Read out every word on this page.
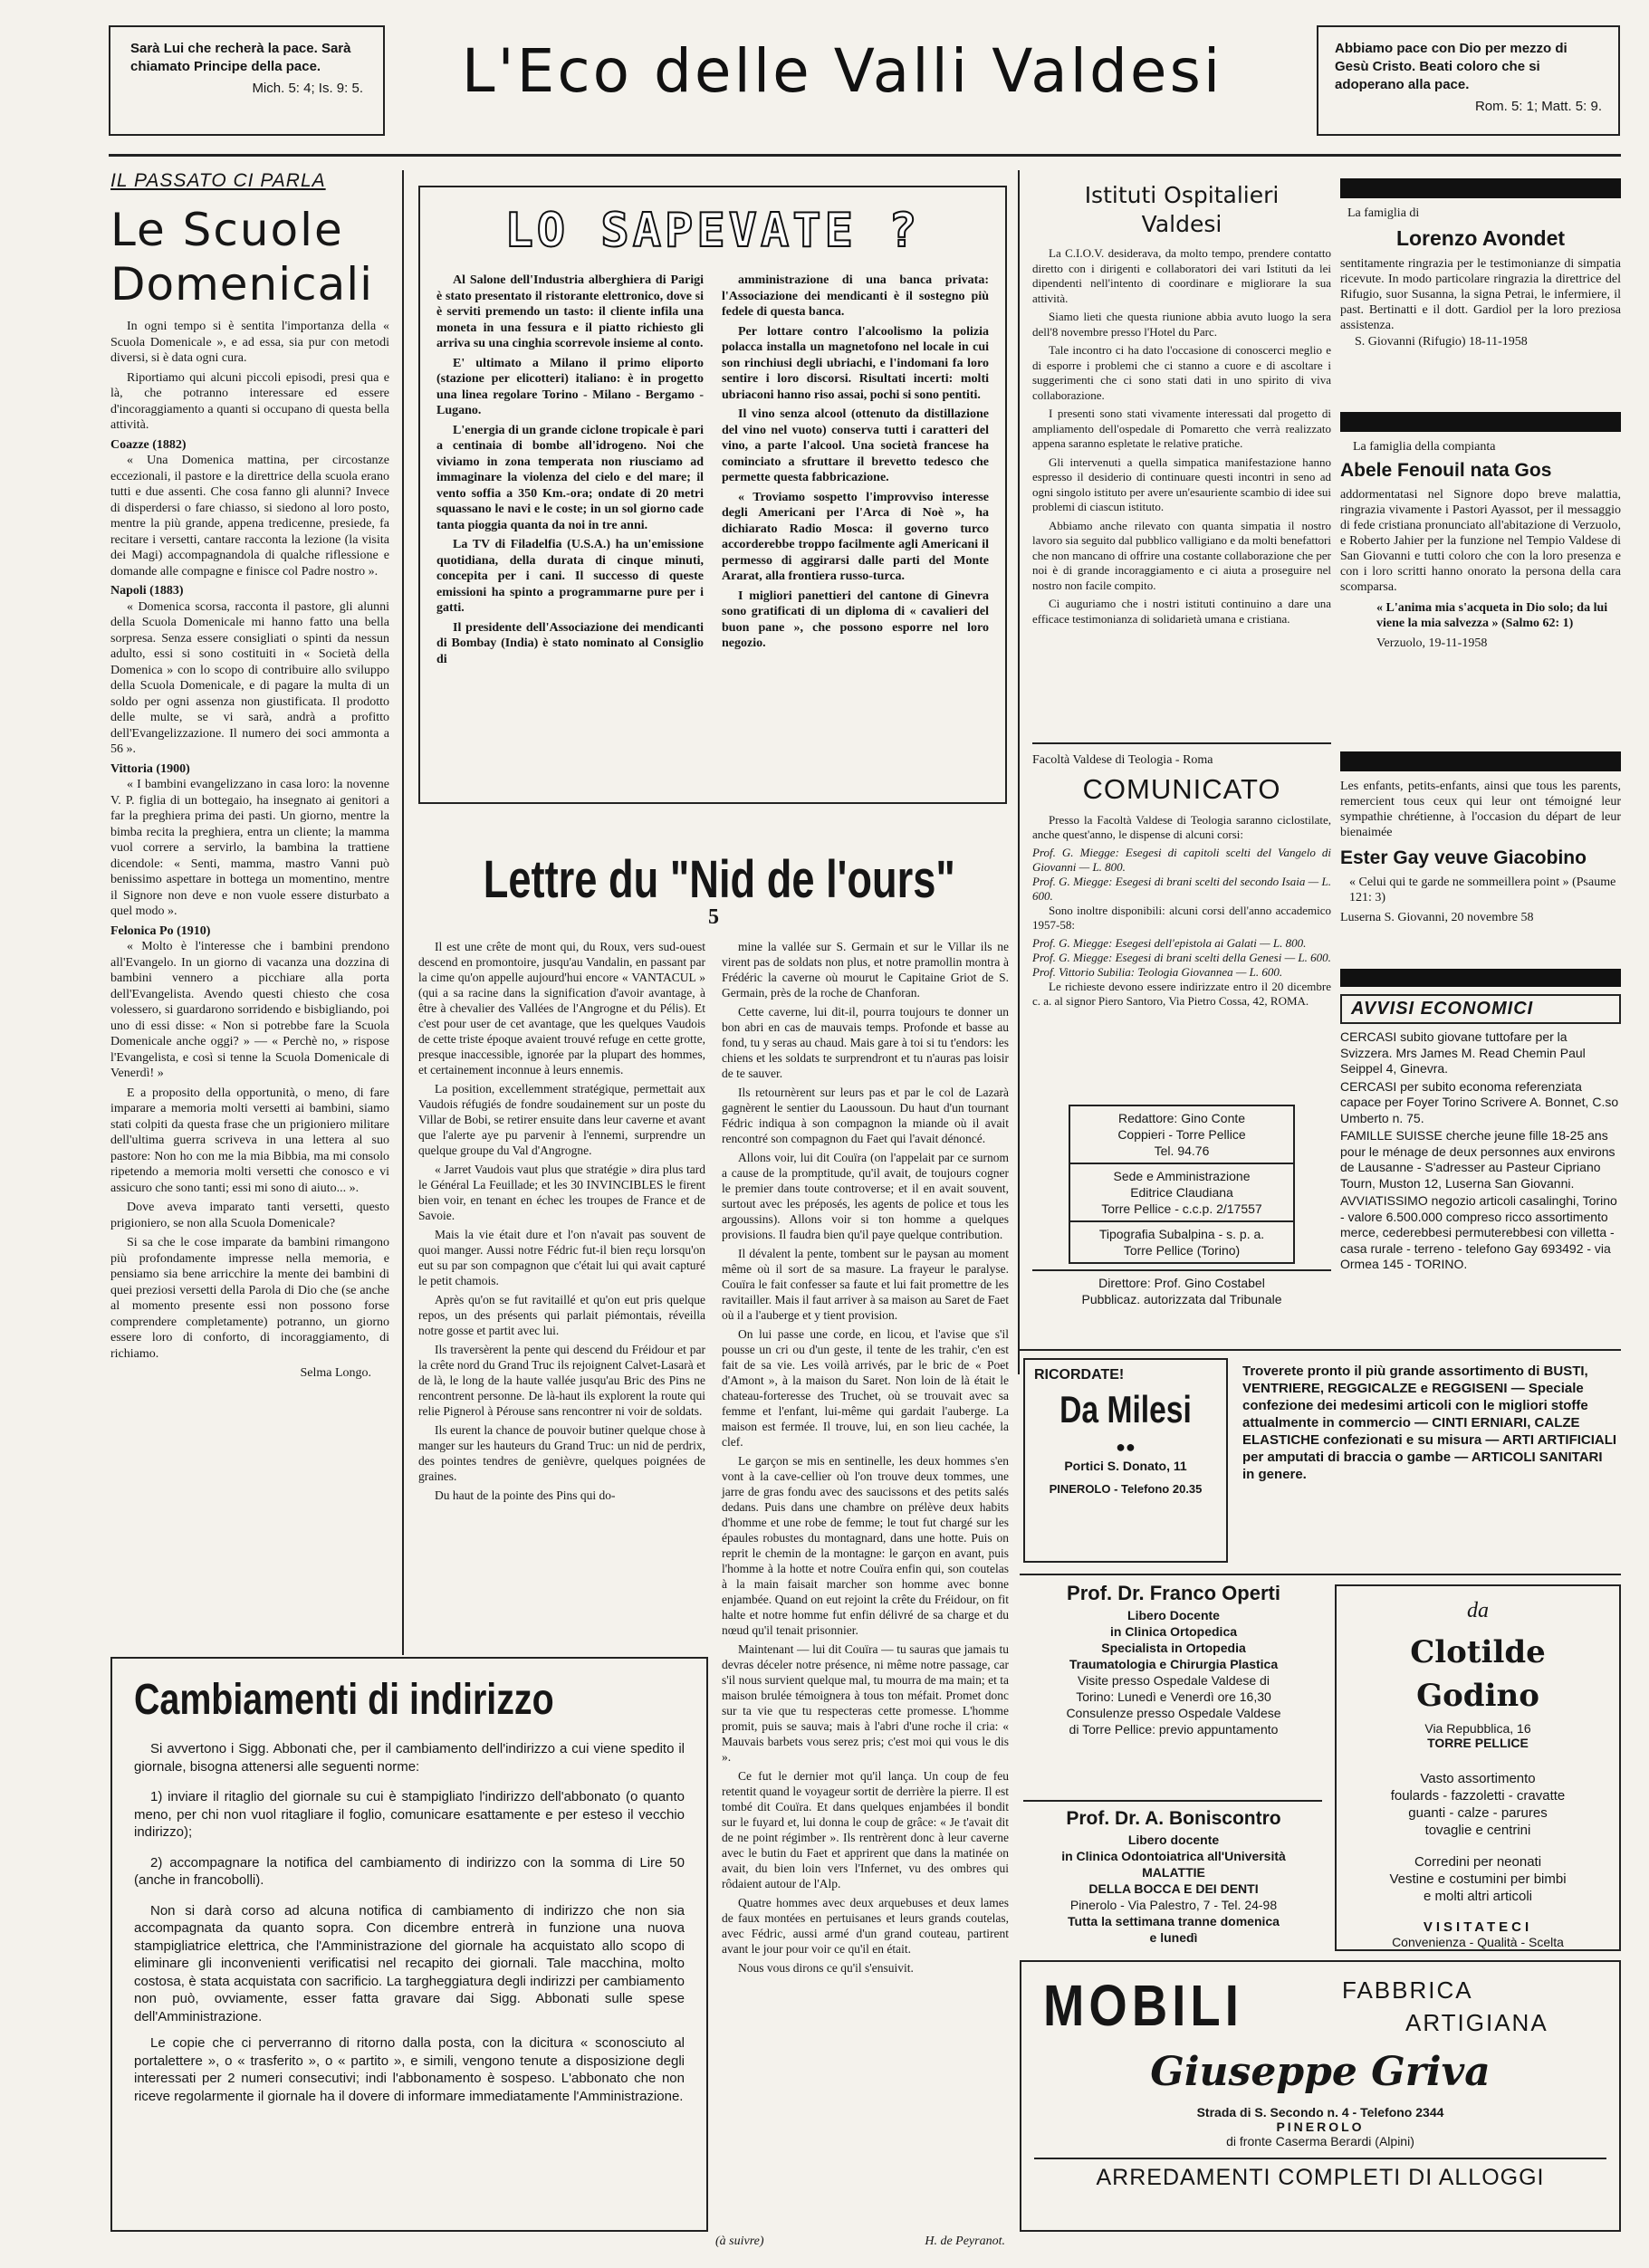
Sarà Lui che recherà la pace. Sarà chiamato Principe della pace.
Mich. 5: 4; Is. 9: 5.	L'Eco delle Valli Valdesi	Abbiamo pace con Dio per mezzo di Gesù Cristo. Beati coloro che si adoperano alla pace.
Rom. 5: 1; Matt. 5: 9.
IL PASSATO CI PARLA
Le Scuole
Domenicali

In ogni tempo si è sentita l'importanza della « Scuola Domenicale », e ad essa, sia pur con metodi diversi, si è data ogni cura.

Riportiamo qui alcuni piccoli episodi, presi qua e là, che potranno interessare ed essere d'incoraggiamento a quanti si occupano di questa bella attività.

Coazze (1882)

« Una Domenica mattina, per circostanze eccezionali, il pastore e la direttrice della scuola erano tutti e due assenti. Che cosa fanno gli alunni? Invece di disperdersi o fare chiasso, si siedono al loro posto, mentre la più grande, appena tredicenne, presiede, fa recitare i versetti, cantare racconta la lezione (la visita dei Magi) accompagnandola di qualche riflessione e domande alle compagne e finisce col Padre nostro ».

Napoli (1883)

« Domenica scorsa, racconta il pastore, gli alunni della Scuola Domenicale mi hanno fatto una bella sorpresa. Senza essere consigliati o spinti da nessun adulto, essi si sono costituiti in « Società della Domenica » con lo scopo di contribuire allo sviluppo della Scuola Domenicale, e di pagare la multa di un soldo per ogni assenza non giustificata. Il prodotto delle multe, se vi sarà, andrà a profitto dell'Evangelizzazione. Il numero dei soci ammonta a 56 ».

Vittoria (1900)

« I bambini evangelizzano in casa loro: la novenne V. P. figlia di un bottegaio, ha insegnato ai genitori a far la preghiera prima dei pasti. Un giorno, mentre la bimba recita la preghiera, entra un cliente; la mamma vuol correre a servirlo, la bambina la trattiene dicendole: « Senti, mamma, mastro Vanni può benissimo aspettare in bottega un momentino, mentre il Signore non deve e non vuole essere disturbato a quel modo ».

Felonica Po (1910)

« Molto è l'interesse che i bambini prendono all'Evangelo. In un giorno di vacanza una dozzina di bambini vennero a picchiare alla porta dell'Evangelista. Avendo questi chiesto che cosa volessero, si guardarono sorridendo e bisbigliando, poi uno di essi disse: « Non si potrebbe fare la Scuola Domenicale anche oggi? » — « Perchè no, » rispose l'Evangelista, e così si tenne la Scuola Domenicale di Venerdì! »

E a proposito della opportunità, o meno, di fare imparare a memoria molti versetti ai bambini, siamo stati colpiti da questa frase che un prigioniero militare dell'ultima guerra scriveva in una lettera al suo pastore: Non ho con me la mia Bibbia, ma mi consolo ripetendo a memoria molti versetti che conosco e vi assicuro che sono tanti; essi mi sono di aiuto... ».

Dove aveva imparato tanti versetti, questo prigioniero, se non alla Scuola Domenicale?

Si sa che le cose imparate da bambini rimangono più profondamente impresse nella memoria, e pensiamo sia bene arricchire la mente dei bambini di quei preziosi versetti della Parola di Dio che (se anche al momento presente essi non possono forse comprendere completamente) potranno, un giorno essere loro di conforto, di incoraggiamento, di richiamo.

Selma Longo.

LO SAPEVATE ?

Al Salone dell'Industria alberghiera di Parigi è stato presentato il ristorante elettronico, dove si è serviti premendo un tasto: il cliente infila una moneta in una fessura e il piatto richiesto gli arriva su una cinghia scorrevole insieme al conto.

E' ultimato a Milano il primo eliporto (stazione per elicotteri) italiano: è in progetto una linea regolare Torino - Milano - Bergamo - Lugano.

L'energia di un grande ciclone tropicale è pari a centinaia di bombe all'idrogeno. Noi che viviamo in zona temperata non riusciamo ad immaginare la violenza del cielo e del mare; il vento soffia a 350 Km.-ora; ondate di 20 metri squassano le navi e le coste; in un sol giorno cade tanta pioggia quanta da noi in tre anni.

La TV di Filadelfia (U.S.A.) ha un'emissione quotidiana, della durata di cinque minuti, concepita per i cani. Il successo di queste emissioni ha spinto a programmarne pure per i gatti.

Il presidente dell'Associazione dei mendicanti di Bombay (India) è stato nominato al Consiglio di

amministrazione di una banca privata: l'Associazione dei mendicanti è il sostegno più fedele di questa banca.

Per lottare contro l'alcoolismo la polizia polacca installa un magnetofono nel locale in cui son rinchiusi degli ubriachi, e l'indomani fa loro sentire i loro discorsi. Risultati incerti: molti ubriaconi hanno riso assai, pochi si sono pentiti.

Il vino senza alcool (ottenuto da distillazione del vino nel vuoto) conserva tutti i caratteri del vino, a parte l'alcool. Una società francese ha cominciato a sfruttare il brevetto tedesco che permette questa fabbricazione.

« Troviamo sospetto l'improvviso interesse degli Americani per l'Arca di Noè », ha dichiarato Radio Mosca: il governo turco accorderebbe troppo facilmente agli Americani il permesso di aggirarsi dalle parti del Monte Ararat, alla frontiera russo-turca.

I migliori panettieri del cantone di Ginevra sono gratificati di un diploma di « cavalieri del buon pane », che possono esporre nel loro negozio.

Lettre du "Nid de l'ours"
5

Il est une crête de mont qui, du Roux, vers sud-ouest descend en promontoire, jusqu'au Vandalin, en passant par la cime qu'on appelle aujourd'hui encore « VANTACUL » (qui a sa racine dans la signification d'avoir avantage, à être à chevalier des Vallées de l'Angrogne et du Pélis). Et c'est pour user de cet avantage, que les quelques Vaudois de cette triste époque avaient trouvé refuge en cette grotte, presque inaccessible, ignorée par la plupart des hommes, et certainement inconnue à leurs ennemis.

La position, excellemment stratégique, permettait aux Vaudois réfugiés de fondre soudainement sur un poste du Villar de Bobi, se retirer ensuite dans leur caverne et avant que l'alerte aye pu parvenir à l'ennemi, surprendre un quelque groupe du Val d'Angrogne.

« Jarret Vaudois vaut plus que stratégie » dira plus tard le Général La Feuillade; et les 30 INVINCIBLES le firent bien voir, en tenant en échec les troupes de France et de Savoie.

Mais la vie était dure et l'on n'avait pas souvent de quoi manger. Aussi notre Fédric fut-il bien reçu lorsqu'on eut su par son compagnon que c'était lui qui avait capturé le petit chamois.

Après qu'on se fut ravitaillé et qu'on eut pris quelque repos, un des présents qui parlait piémontais, réveilla notre gosse et partit avec lui.

Ils traversèrent la pente qui descend du Fréidour et par la crête nord du Grand Truc ils rejoignent Calvet-Lasarà et de là, le long de la haute vallée jusqu'au Bric des Pins ne rencontrent personne. De là-haut ils explorent la route qui relie Pignerol à Pérouse sans rencontrer ni voir de soldats.

Ils eurent la chance de pouvoir butiner quelque chose à manger sur les hauteurs du Grand Truc: un nid de perdrix, des pointes tendres de genièvre, quelques poignées de graines.

Du haut de la pointe des Pins qui do-

mine la vallée sur S. Germain et sur le Villar ils ne virent pas de soldats non plus, et notre pramollin montra à Frédéric la caverne où mourut le Capitaine Griot de S. Germain, près de la roche de Chanforan.

Cette caverne, lui dit-il, pourra toujours te donner un bon abri en cas de mauvais temps. Profonde et basse au fond, tu y seras au chaud. Mais gare à toi si tu t'endors: les chiens et les soldats te surprendront et tu n'auras pas loisir de te sauver.

Ils retournèrent sur leurs pas et par le col de Lazarà gagnèrent le sentier du Laoussoun. Du haut d'un tournant Fédric indiqua à son compagnon la miande où il avait rencontré son compagnon du Faet qui l'avait dénoncé.

Allons voir, lui dit Couïra (on l'appelait par ce surnom a cause de la promptitude, qu'il avait, de toujours cogner le premier dans toute controverse; et il en avait souvent, surtout avec les préposés, les agents de police et tous les argoussins). Allons voir si ton homme a quelques provisions. Il faudra bien qu'il paye quelque contribution.

Il dévalent la pente, tombent sur le paysan au moment même où il sort de sa masure. La frayeur le paralyse. Couïra le fait confesser sa faute et lui fait promettre de les ravitailler. Mais il faut arriver à sa maison au Saret de Faet où il a l'auberge et y tient provision.

On lui passe une corde, en licou, et l'avise que s'il pousse un cri ou d'un geste, il tente de les trahir, c'en est fait de sa vie. Les voilà arrivés, par le bric de « Poet d'Amont », à la maison du Saret. Non loin de là était le chateau-forteresse des Truchet, où se trouvait avec sa femme et l'enfant, lui-même qui gardait l'auberge. La maison est fermée. Il trouve, lui, en son lieu cachée, la clef.

Le garçon se mis en sentinelle, les deux hommes s'en vont à la cave-cellier où l'on trouve deux tommes, une jarre de gras fondu avec des saucissons et des petits salés dedans. Puis dans une chambre on prélève deux habits d'homme et une robe de femme; le tout fut chargé sur les épaules robustes du montagnard, dans une hotte. Puis on reprit le chemin de la montagne: le garçon en avant, puis l'homme à la hotte et notre Couïra enfin qui, son coutelas à la main faisait marcher son homme avec bonne enjambée. Quand on eut rejoint la crête du Fréidour, on fit halte et notre homme fut enfin délivré de sa charge et du nœud qu'il tenait prisonnier.

Maintenant — lui dit Couïra — tu sauras que jamais tu devras déceler notre présence, ni même notre passage, car s'il nous survient quelque mal, tu mourra de ma main; et ta maison brulée témoignera à tous ton méfait. Promet donc sur ta vie que tu respecteras cette promesse. L'homme promit, puis se sauva; mais à l'abri d'une roche il cria: « Mauvais barbets vous serez pris; c'est moi qui vous le dis ».

Ce fut le dernier mot qu'il lança. Un coup de feu retentit quand le voyageur sortit de derrière la pierre. Il est tombé dit Couïra. Et dans quelques enjambées il bondit sur le fuyard et, lui donna le coup de grâce: « Je t'avait dit de ne point régimber ». Ils rentrèrent donc à leur caverne avec le butin du Faet et apprirent que dans la matinée on avait, du bien loin vers l'Infernet, vu des ombres qui rôdaient autour de l'Alp.

Quatre hommes avec deux arquebuses et deux lames de faux montées en pertuisanes et leurs grands coutelas, avec Fédric, aussi armé d'un grand couteau, partirent avant le jour pour voir ce qu'il en était.

Nous vous dirons ce qu'il s'ensuivit.

(à suivre)	H. de Peyranot.
Cambiamenti di indirizzo

Si avvertono i Sigg. Abbonati che, per il cambiamento dell'indirizzo a cui viene spedito il giornale, bisogna attenersi alle seguenti norme:

1) inviare il ritaglio del giornale su cui è stampigliato l'indirizzo dell'abbonato (o quanto meno, per chi non vuol ritagliare il foglio, comunicare esattamente e per esteso il vecchio indirizzo);

2) accompagnare la notifica del cambiamento di indirizzo con la somma di Lire 50 (anche in francobolli).

Non si darà corso ad alcuna notifica di cambiamento di indirizzo che non sia accompagnata da quanto sopra. Con dicembre entrerà in funzione una nuova stampigliatrice elettrica, che l'Amministrazione del giornale ha acquistato allo scopo di eliminare gli inconvenienti verificatisi nel recapito dei giornali. Tale macchina, molto costosa, è stata acquistata con sacrificio. La targheggiatura degli indirizzi per cambiamento non può, ovviamente, esser fatta gravare dai Sigg. Abbonati sulle spese dell'Amministrazione.

Le copie che ci perverranno di ritorno dalla posta, con la dicitura « sconosciuto al portalettere », o « trasferito », o « partito », e simili, vengono tenute a disposizione degli interessati per 2 numeri consecutivi; indi l'abbonamento è sospeso. L'abbonato che non riceve regolarmente il giornale ha il dovere di informare immediatamente l'Amministrazione.

Istituti Ospitalieri
Valdesi

La C.I.O.V. desiderava, da molto tempo, prendere contatto diretto con i dirigenti e collaboratori dei vari Istituti da lei dipendenti nell'intento di coordinare e migliorare la sua attività.

Siamo lieti che questa riunione abbia avuto luogo la sera dell'8 novembre presso l'Hotel du Parc.

Tale incontro ci ha dato l'occasione di conoscerci meglio e di esporre i problemi che ci stanno a cuore e di ascoltare i suggerimenti che ci sono stati dati in uno spirito di viva collaborazione.

I presenti sono stati vivamente interessati dal progetto di ampliamento dell'ospedale di Pomaretto che verrà realizzato appena saranno espletate le relative pratiche.

Gli intervenuti a quella simpatica manifestazione hanno espresso il desiderio di continuare questi incontri in seno ad ogni singolo istituto per avere un'esauriente scambio di idee sui problemi di ciascun istituto.

Abbiamo anche rilevato con quanta simpatia il nostro lavoro sia seguito dal pubblico valligiano e da molti benefattori che non mancano di offrire una costante collaborazione che per noi è di grande incoraggiamento e ci aiuta a proseguire nel nostro non facile compito.

Ci auguriamo che i nostri istituti continuino a dare una efficace testimonianza di solidarietà umana e cristiana.

Facoltà Valdese di Teologia - Roma
COMUNICATO

Presso la Facoltà Valdese di Teologia saranno ciclostilate, anche quest'anno, le dispense di alcuni corsi:

Prof. G. Miegge: Esegesi di capitoli scelti del Vangelo di Giovanni — L. 800.

Prof. G. Miegge: Esegesi di brani scelti del secondo Isaia — L. 600.

Sono inoltre disponibili: alcuni corsi dell'anno accademico 1957-58:

Prof. G. Miegge: Esegesi dell'epistola ai Galati — L. 800.

Prof. G. Miegge: Esegesi di brani scelti della Genesi — L. 600.

Prof. Vittorio Subilia: Teologia Giovannea — L. 600.

Le richieste devono essere indirizzate entro il 20 dicembre c. a. al signor Piero Santoro, Via Pietro Cossa, 42, ROMA.

Redattore: Gino Conte
Coppieri - Torre Pellice
Tel. 94.76
Sede e Amministrazione
Editrice Claudiana
Torre Pellice - c.c.p. 2/17557
Tipografia Subalpina - s. p. a.
Torre Pellice (Torino)
Direttore: Prof. Gino Costabel
Pubblicaz. autorizzata dal Tribunale
La famiglia di
Lorenzo Avondet
sentitamente ringrazia per le testimonianze di simpatia ricevute. In modo particolare ringrazia la direttrice del Rifugio, suor Susanna, la signa Petrai, le infermiere, il past. Bertinatti e il dott. Gardiol per la loro preziosa assistenza.
S. Giovanni (Rifugio) 18-11-1958
La famiglia della compianta
Abele Fenouil nata Gos
addormentatasi nel Signore dopo breve malattia, ringrazia vivamente i Pastori Ayassot, per il messaggio di fede cristiana pronunciato all'abitazione di Verzuolo, e Roberto Jahier per la funzione nel Tempio Valdese di San Giovanni e tutti coloro che con la loro presenza e con i loro scritti hanno onorato la persona della cara scomparsa.
« L'anima mia s'acqueta in Dio solo; da lui viene la mia salvezza » (Salmo 62: 1)
Verzuolo, 19-11-1958
Les enfants, petits-enfants, ainsi que tous les parents, remercient tous ceux qui leur ont témoigné leur sympathie chrétienne, à l'occasion du départ de leur bienaimée
Ester Gay veuve Giacobino
« Celui qui te garde ne sommeillera point » (Psaume 121: 3)
Luserna S. Giovanni, 20 novembre 58
AVVISI ECONOMICI

CERCASI subito giovane tuttofare per la Svizzera. Mrs James M. Read Chemin Paul Seippel 4, Ginevra.

CERCASI per subito economa referenziata capace per Foyer Torino Scrivere A. Bonnet, C.so Umberto n. 75.

FAMILLE SUISSE cherche jeune fille 18-25 ans pour le ménage de deux personnes aux environs de Lausanne - S'adresser au Pasteur Cipriano Tourn, Muston 12, Luserna San Giovanni.

AVVIATISSIMO negozio articoli casalinghi, Torino - valore 6.500.000 compreso ricco assortimento merce, cederebbesi permuterebbesi con villetta - casa rurale - terreno - telefono Gay 693492 - via Ormea 145 - TORINO.

RICORDATE!
Da Milesi
●●
Portici S. Donato, 11
PINEROLO - Telefono 20.35
Troverete pronto il più grande assortimento di BUSTI, VENTRIERE, REGGICALZE e REGGISENI — Speciale confezione dei medesimi articoli con le migliori stoffe attualmente in commercio — CINTI ERNIARI, CALZE ELASTICHE confezionati e su misura — ARTI ARTIFICIALI per amputati di braccia o gambe — ARTICOLI SANITARI in genere.
Prof. Dr. Franco Operti
Libero Docente
in Clinica Ortopedica
Specialista in Ortopedia
Traumatologia e Chirurgia Plastica
Visite presso Ospedale Valdese di
Torino: Lunedì e Venerdì ore 16,30
Consulenze presso Ospedale Valdese
di Torre Pellice: previo appuntamento
Prof. Dr. A. Boniscontro
Libero docente
in Clinica Odontoiatrica all'Università
MALATTIE
DELLA BOCCA E DEI DENTI
Pinerolo - Via Palestro, 7 - Tel. 24-98
Tutta la settimana tranne domenica
e lunedì
da
Clotilde Godino
Via Repubblica, 16
TORRE PELLICE
Vasto assortimento
foulards - fazzoletti - cravatte
guanti - calze - parures
tovaglie e centrini
Corredini per neonati
Vestine e costumini per bimbi
e molti altri articoli
VISITATECI
Convenienza - Qualità - Scelta
MOBILI	FABBRICA
ARTIGIANA
Giuseppe Griva
Strada di S. Secondo n. 4 - Telefono 2344
PINEROLO
di fronte Caserma Berardi (Alpini)
ARREDAMENTI COMPLETI DI ALLOGGI
